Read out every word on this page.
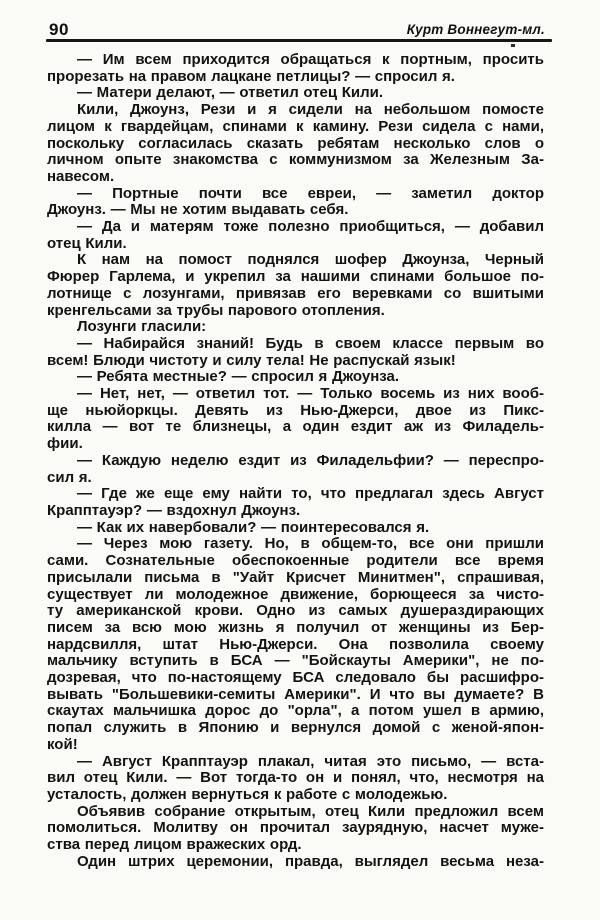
90	Курт Воннегут-мл.
— Им всем приходится обращаться к портным, просить
прорезать на правом лацкане петлицы? — спросил я.
— Матери делают, — ответил отец Кили.
Кили, Джоунз, Рези и я сидели на небольшом помосте
лицом к гвардейцам, спинами к камину. Рези сидела с нами,
поскольку согласилась сказать ребятам несколько слов о
личном опыте знакомства с коммунизмом за Железным За-
навесом.
— Портные почти все евреи, — заметил доктор
Джоунз. — Мы не хотим выдавать себя.
— Да и матерям тоже полезно приобщиться, — добавил
отец Кили.
К нам на помост поднялся шофер Джоунза, Черный
Фюрер Гарлема, и укрепил за нашими спинами большое по-
лотнище с лозунгами, привязав его веревками со вшитыми
кренгельсами за трубы парового отопления.
Лозунги гласили:
— Набирайся знаний! Будь в своем классе первым во
всем! Блюди чистоту и силу тела! Не распускай язык!
— Ребята местные? — спросил я Джоунза.
— Нет, нет, — ответил тот. — Только восемь из них вооб-
ще ньюйоркцы. Девять из Нью-Джерси, двое из Пикс-
килла — вот те близнецы, а один ездит аж из Филадель-
фии.
— Каждую неделю ездит из Филадельфии? — переспро-
сил я.
— Где же еще ему найти то, что предлагал здесь Август
Крапптауэр? — вздохнул Джоунз.
— Как их навербовали? — поинтересовался я.
— Через мою газету. Но, в общем-то, все они пришли
сами. Сознательные обеспокоенные родители все время
присылали письма в "Уайт Крисчет Минитмен", спрашивая,
существует ли молодежное движение, борющееся за чисто-
ту американской крови. Одно из самых душераздирающих
писем за всю мою жизнь я получил от женщины из Бер-
нардсвилля, штат Нью-Джерси. Она позволила своему
мальчику вступить в БСА — "Бойскауты Америки", не по-
дозревая, что по-настоящему БСА следовало бы расшифро-
вывать "Большевики-семиты Америки". И что вы думаете? В
скаутах мальчишка дорос до "орла", а потом ушел в армию,
попал служить в Японию и вернулся домой с женой-япон-
кой!
— Август Крапптауэр плакал, читая это письмо, — вста-
вил отец Кили. — Вот тогда-то он и понял, что, несмотря на
усталость, должен вернуться к работе с молодежью.
Объявив собрание открытым, отец Кили предложил всем
помолиться. Молитву он прочитал заурядную, насчет муже-
ства перед лицом вражеских орд.
Один штрих церемонии, правда, выглядел весьма неза-
